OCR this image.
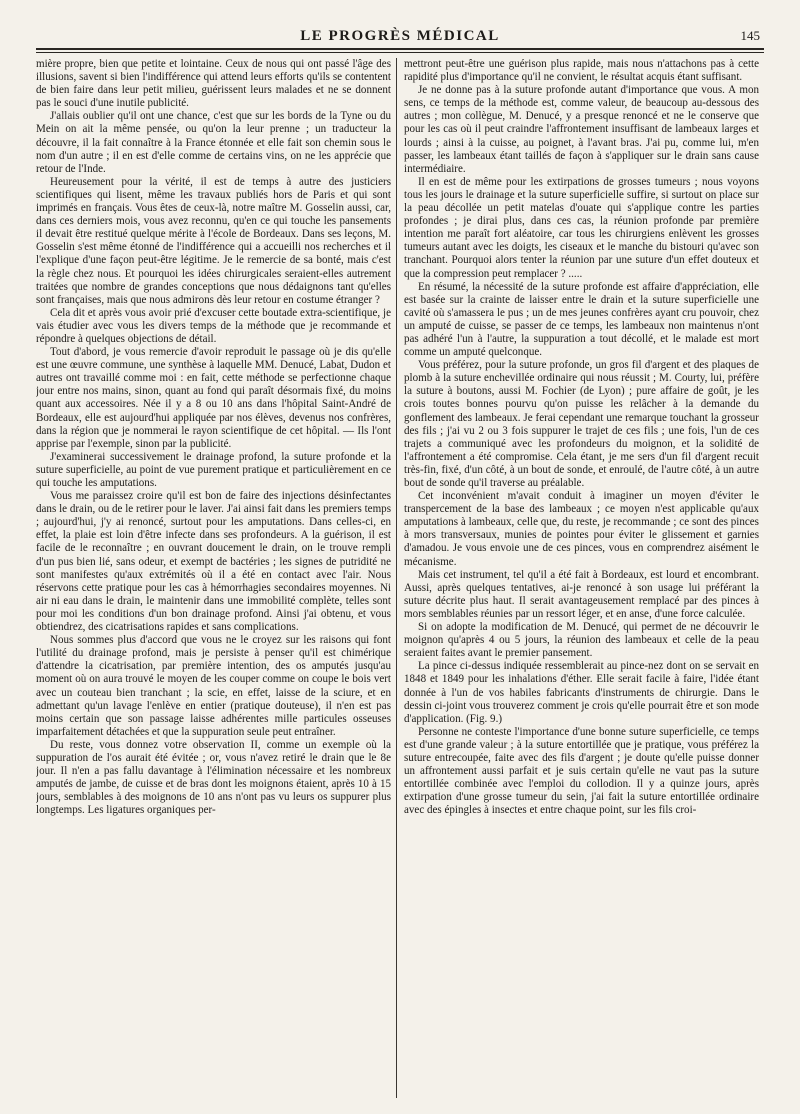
LE PROGRÈS MÉDICAL	145

mière propre, bien que petite et lointaine. Ceux de nous qui ont passé l'âge des illusions, savent si bien l'indifférence qui attend leurs efforts qu'ils se contentent de bien faire dans leur petit milieu, guérissent leurs malades et ne se donnent pas le souci d'une inutile publicité.

J'allais oublier qu'il ont une chance, c'est que sur les bords de la Tyne ou du Mein on ait la même pensée, ou qu'on la leur prenne ; un traducteur la découvre, il la fait connaître à la France étonnée et elle fait son chemin sous le nom d'un autre ; il en est d'elle comme de certains vins, on ne les apprécie que retour de l'Inde.

Heureusement pour la vérité, il est de temps à autre des justiciers scientifiques qui lisent, même les travaux publiés hors de Paris et qui sont imprimés en français. Vous êtes de ceux-là, notre maître M. Gosselin aussi, car, dans ces derniers mois, vous avez reconnu, qu'en ce qui touche les pansements il devait être restitué quelque mérite à l'école de Bordeaux. Dans ses leçons, M. Gosselin s'est même étonné de l'indifférence qui a accueilli nos recherches et il l'explique d'une façon peut-être légitime. Je le remercie de sa bonté, mais c'est la règle chez nous. Et pourquoi les idées chirurgicales seraient-elles autrement traitées que nombre de grandes conceptions que nous dédaignons tant qu'elles sont françaises, mais que nous admirons dès leur retour en costume étranger ?

Cela dit et après vous avoir prié d'excuser cette boutade extra-scientifique, je vais étudier avec vous les divers temps de la méthode que je recommande et répondre à quelques objections de détail.

Tout d'abord, je vous remercie d'avoir reproduit le passage où je dis qu'elle est une œuvre commune, une synthèse à laquelle MM. Denucé, Labat, Dudon et autres ont travaillé comme moi : en fait, cette méthode se perfectionne chaque jour entre nos mains, sinon, quant au fond qui paraît désormais fixé, du moins quant aux accessoires. Née il y a 8 ou 10 ans dans l'hôpital Saint-André de Bordeaux, elle est aujourd'hui appliquée par nos élèves, devenus nos confrères, dans la région que je nommerai le rayon scientifique de cet hôpital. — Ils l'ont apprise par l'exemple, sinon par la publicité.

J'examinerai successivement le drainage profond, la suture profonde et la suture superficielle, au point de vue purement pratique et particulièrement en ce qui touche les amputations.

Vous me paraissez croire qu'il est bon de faire des injections désinfectantes dans le drain, ou de le retirer pour le laver. J'ai ainsi fait dans les premiers temps ; aujourd'hui, j'y ai renoncé, surtout pour les amputations. Dans celles-ci, en effet, la plaie est loin d'être infecte dans ses profondeurs. A la guérison, il est facile de le reconnaître ; en ouvrant doucement le drain, on le trouve rempli d'un pus bien lié, sans odeur, et exempt de bactéries ; les signes de putridité ne sont manifestes qu'aux extrémités où il a été en contact avec l'air. Nous réservons cette pratique pour les cas à hémorrhagies secondaires moyennes. Ni air ni eau dans le drain, le maintenir dans une immobilité complète, telles sont pour moi les conditions d'un bon drainage profond. Ainsi j'ai obtenu, et vous obtiendrez, des cicatrisations rapides et sans complications.

Nous sommes plus d'accord que vous ne le croyez sur les raisons qui font l'utilité du drainage profond, mais je persiste à penser qu'il est chimérique d'attendre la cicatrisation, par première intention, des os amputés jusqu'au moment où on aura trouvé le moyen de les couper comme on coupe le bois vert avec un couteau bien tranchant ; la scie, en effet, laisse de la sciure, et en admettant qu'un lavage l'enlève en entier (pratique douteuse), il n'en est pas moins certain que son passage laisse adhérentes mille particules osseuses imparfaitement détachées et que la suppuration seule peut entraîner.

Du reste, vous donnez votre observation II, comme un exemple où la suppuration de l'os aurait été évitée ; or, vous n'avez retiré le drain que le 8e jour. Il n'en a pas fallu davantage à l'élimination nécessaire et les nombreux amputés de jambe, de cuisse et de bras dont les moignons étaient, après 10 à 15 jours, semblables à des moignons de 10 ans n'ont pas vu leurs os suppurer plus longtemps. Les ligatures organiques per-

mettront peut-être une guérison plus rapide, mais nous n'attachons pas à cette rapidité plus d'importance qu'il ne convient, le résultat acquis étant suffisant.

Je ne donne pas à la suture profonde autant d'importance que vous. A mon sens, ce temps de la méthode est, comme valeur, de beaucoup au-dessous des autres ; mon collègue, M. Denucé, y a presque renoncé et ne le conserve que pour les cas où il peut craindre l'affrontement insuffisant de lambeaux larges et lourds ; ainsi à la cuisse, au poignet, à l'avant bras. J'ai pu, comme lui, m'en passer, les lambeaux étant taillés de façon à s'appliquer sur le drain sans cause intermédiaire.

Il en est de même pour les extirpations de grosses tumeurs ; nous voyons tous les jours le drainage et la suture superficielle suffire, si surtout on place sur la peau décollée un petit matelas d'ouate qui s'applique contre les parties profondes ; je dirai plus, dans ces cas, la réunion profonde par première intention me paraît fort aléatoire, car tous les chirurgiens enlèvent les grosses tumeurs autant avec les doigts, les ciseaux et le manche du bistouri qu'avec son tranchant. Pourquoi alors tenter la réunion par une suture d'un effet douteux et que la compression peut remplacer ? .....

En résumé, la nécessité de la suture profonde est affaire d'appréciation, elle est basée sur la crainte de laisser entre le drain et la suture superficielle une cavité où s'amassera le pus ; un de mes jeunes confrères ayant cru pouvoir, chez un amputé de cuisse, se passer de ce temps, les lambeaux non maintenus n'ont pas adhéré l'un à l'autre, la suppuration a tout décollé, et le malade est mort comme un amputé quelconque.

Vous préférez, pour la suture profonde, un gros fil d'argent et des plaques de plomb à la suture enchevillée ordinaire qui nous réussit ; M. Courty, lui, préfère la suture à boutons, aussi M. Fochier (de Lyon) ; pure affaire de goût, je les crois toutes bonnes pourvu qu'on puisse les relâcher à la demande du gonflement des lambeaux. Je ferai cependant une remarque touchant la grosseur des fils ; j'ai vu 2 ou 3 fois suppurer le trajet de ces fils ; une fois, l'un de ces trajets a communiqué avec les profondeurs du moignon, et la solidité de l'affrontement a été compromise. Cela étant, je me sers d'un fil d'argent recuit très-fin, fixé, d'un côté, à un bout de sonde, et enroulé, de l'autre côté, à un autre bout de sonde qu'il traverse au préalable.

Cet inconvénient m'avait conduit à imaginer un moyen d'éviter le transpercement de la base des lambeaux ; ce moyen n'est applicable qu'aux amputations à lambeaux, celle que, du reste, je recommande ; ce sont des pinces à mors transversaux, munies de pointes pour éviter le glissement et garnies d'amadou. Je vous envoie une de ces pinces, vous en comprendrez aisément le mécanisme.

Mais cet instrument, tel qu'il a été fait à Bordeaux, est lourd et encombrant. Aussi, après quelques tentatives, ai-je renoncé à son usage lui préférant la suture décrite plus haut. Il serait avantageusement remplacé par des pinces à mors semblables réunies par un ressort léger, et en anse, d'une force calculée.

Si on adopte la modification de M. Denucé, qui permet de ne découvrir le moignon qu'après 4 ou 5 jours, la réunion des lambeaux et celle de la peau seraient faites avant le premier pansement.

La pince ci-dessus indiquée ressemblerait au pince-nez dont on se servait en 1848 et 1849 pour les inhalations d'éther. Elle serait facile à faire, l'idée étant donnée à l'un de vos habiles fabricants d'instruments de chirurgie. Dans le dessin ci-joint vous trouverez comment je crois qu'elle pourrait être et son mode d'application. (Fig. 9.)

Personne ne conteste l'importance d'une bonne suture superficielle, ce temps est d'une grande valeur ; à la suture entortillée que je pratique, vous préférez la suture entrecoupée, faite avec des fils d'argent ; je doute qu'elle puisse donner un affrontement aussi parfait et je suis certain qu'elle ne vaut pas la suture entortillée combinée avec l'emploi du collodion. Il y a quinze jours, après extirpation d'une grosse tumeur du sein, j'ai fait la suture entortillée ordinaire avec des épingles à insectes et entre chaque point, sur les fils croi-
